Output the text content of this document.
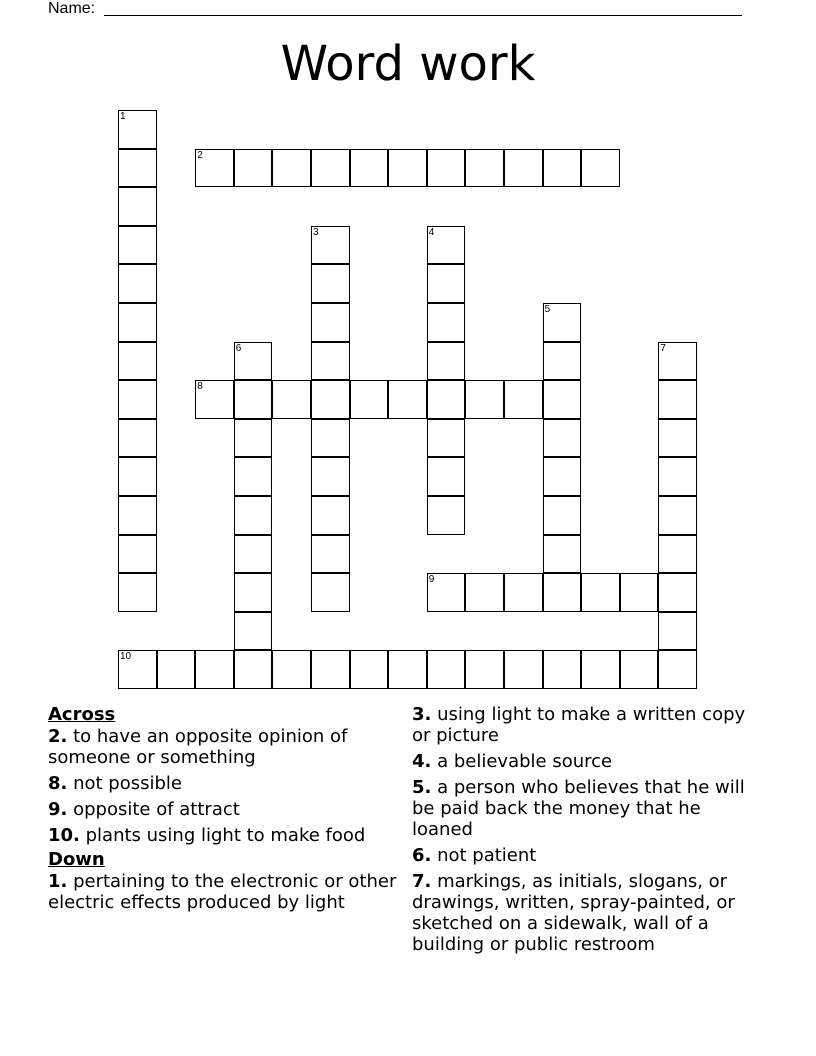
Name:
Word work
1
2
3	4
5
6	7
8
9
10
Across
2. to have an opposite opinion of someone or something
8. not possible
9. opposite of attract
10. plants using light to make food
Down
1. pertaining to the electronic or other electric effects produced by light
3. using light to make a written copy or picture
4. a believable source
5. a person who believes that he will be paid back the money that he loaned
6. not patient
7. markings, as initials, slogans, or drawings, written, spray-painted, or sketched on a sidewalk, wall of a building or public restroom
